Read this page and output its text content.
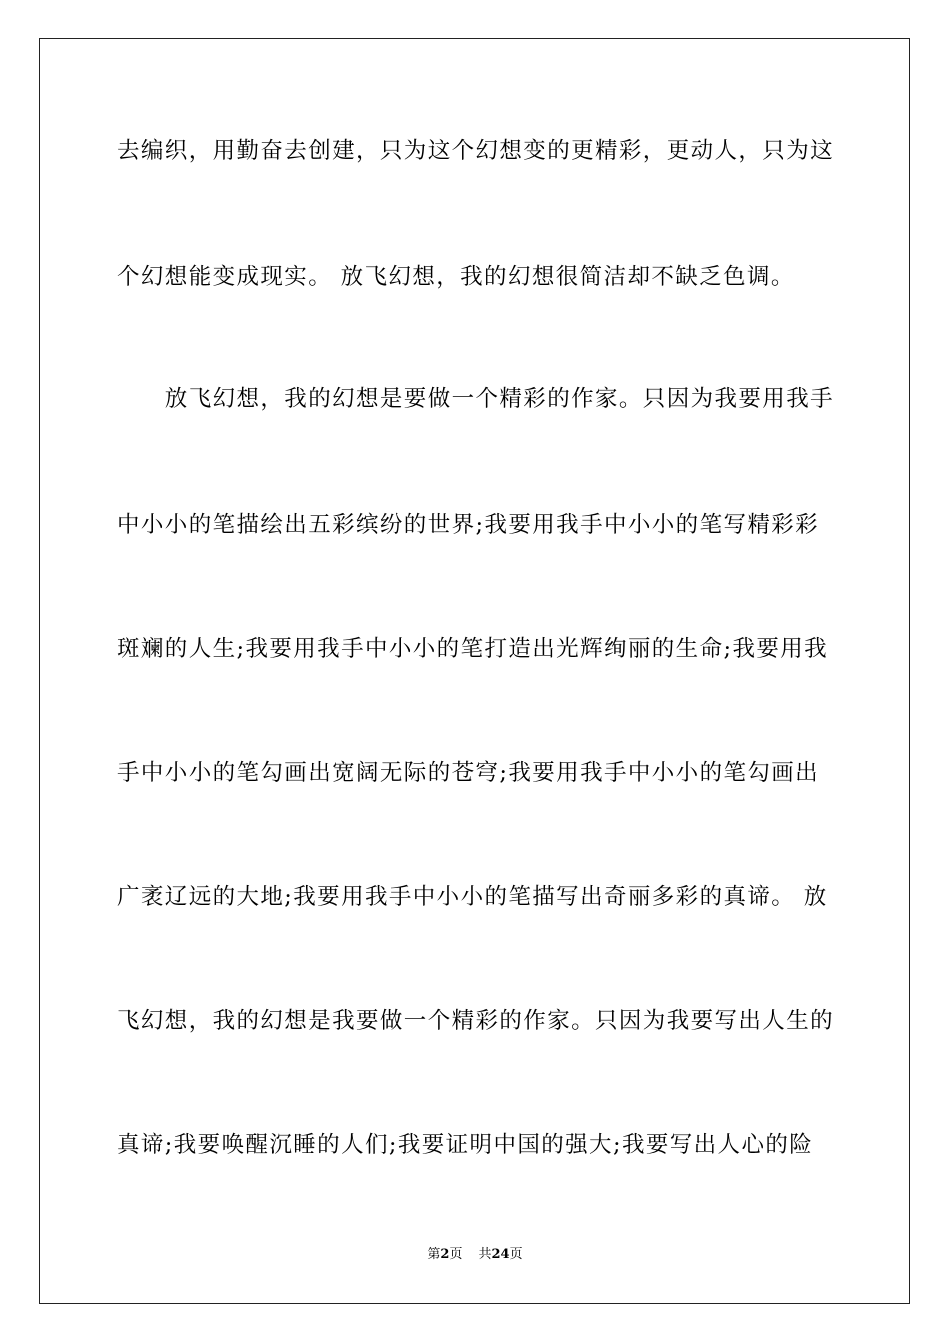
去编织，用勤奋去创建，只为这个幻想变的更精彩，更动人，只为这
个幻想能变成现实。 放飞幻想，我的幻想很简洁却不缺乏色调。
　　放飞幻想，我的幻想是要做一个精彩的作家。只因为我要用我手
中小小的笔描绘出五彩缤纷的世界;我要用我手中小小的笔写精彩彩
斑斓的人生;我要用我手中小小的笔打造出光辉绚丽的生命;我要用我
手中小小的笔勾画出宽阔无际的苍穹;我要用我手中小小的笔勾画出
广袤辽远的大地;我要用我手中小小的笔描写出奇丽多彩的真谛。 放
飞幻想，我的幻想是我要做一个精彩的作家。只因为我要写出人生的
真谛;我要唤醒沉睡的人们;我要证明中国的强大;我要写出人心的险
第2页 共24页
